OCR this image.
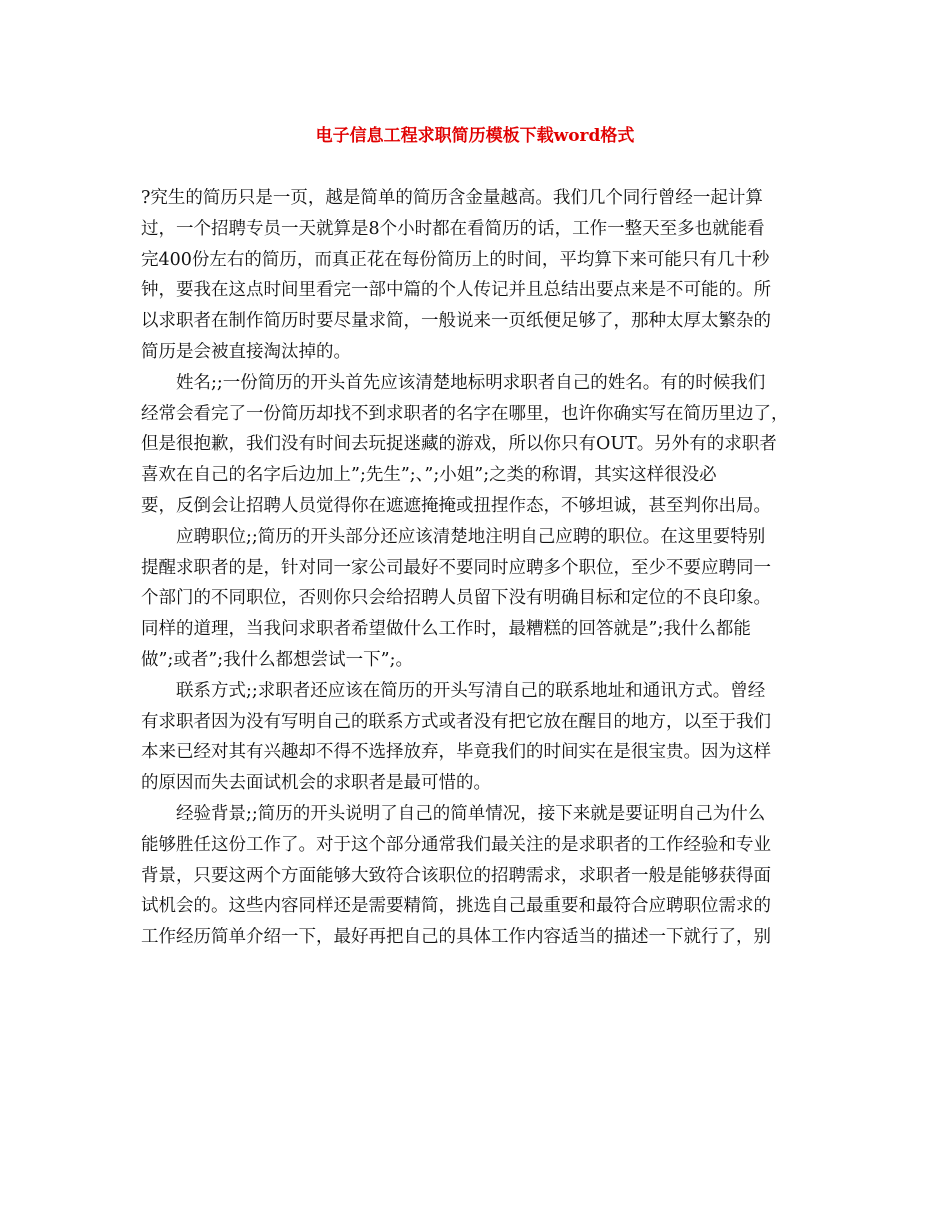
电子信息工程求职简历模板下载word格式
?究生的简历只是一页，越是简单的简历含金量越高。我们几个同行曾经一起计算
过，一个招聘专员一天就算是8个小时都在看简历的话，工作一整天至多也就能看
完400份左右的简历，而真正花在每份简历上的时间，平均算下来可能只有几十秒
钟，要我在这点时间里看完一部中篇的个人传记并且总结出要点来是不可能的。所
以求职者在制作简历时要尽量求简，一般说来一页纸便足够了，那种太厚太繁杂的
简历是会被直接淘汰掉的。
姓名;;一份简历的开头首先应该清楚地标明求职者自己的姓名。有的时候我们
经常会看完了一份简历却找不到求职者的名字在哪里，也许你确实写在简历里边了，
但是很抱歉，我们没有时间去玩捉迷藏的游戏，所以你只有OUT。另外有的求职者
喜欢在自己的名字后边加上”;先生”;、”;小姐”;之类的称谓，其实这样很没必
要，反倒会让招聘人员觉得你在遮遮掩掩或扭捏作态，不够坦诚，甚至判你出局。
应聘职位;;简历的开头部分还应该清楚地注明自己应聘的职位。在这里要特别
提醒求职者的是，针对同一家公司最好不要同时应聘多个职位，至少不要应聘同一
个部门的不同职位，否则你只会给招聘人员留下没有明确目标和定位的不良印象。
同样的道理，当我问求职者希望做什么工作时，最糟糕的回答就是”;我什么都能
做”;或者”;我什么都想尝试一下”;。
联系方式;;求职者还应该在简历的开头写清自己的联系地址和通讯方式。曾经
有求职者因为没有写明自己的联系方式或者没有把它放在醒目的地方，以至于我们
本来已经对其有兴趣却不得不选择放弃，毕竟我们的时间实在是很宝贵。因为这样
的原因而失去面试机会的求职者是最可惜的。
经验背景;;简历的开头说明了自己的简单情况，接下来就是要证明自己为什么
能够胜任这份工作了。对于这个部分通常我们最关注的是求职者的工作经验和专业
背景，只要这两个方面能够大致符合该职位的招聘需求，求职者一般是能够获得面
试机会的。这些内容同样还是需要精简，挑选自己最重要和最符合应聘职位需求的
工作经历简单介绍一下，最好再把自己的具体工作内容适当的描述一下就行了，别
